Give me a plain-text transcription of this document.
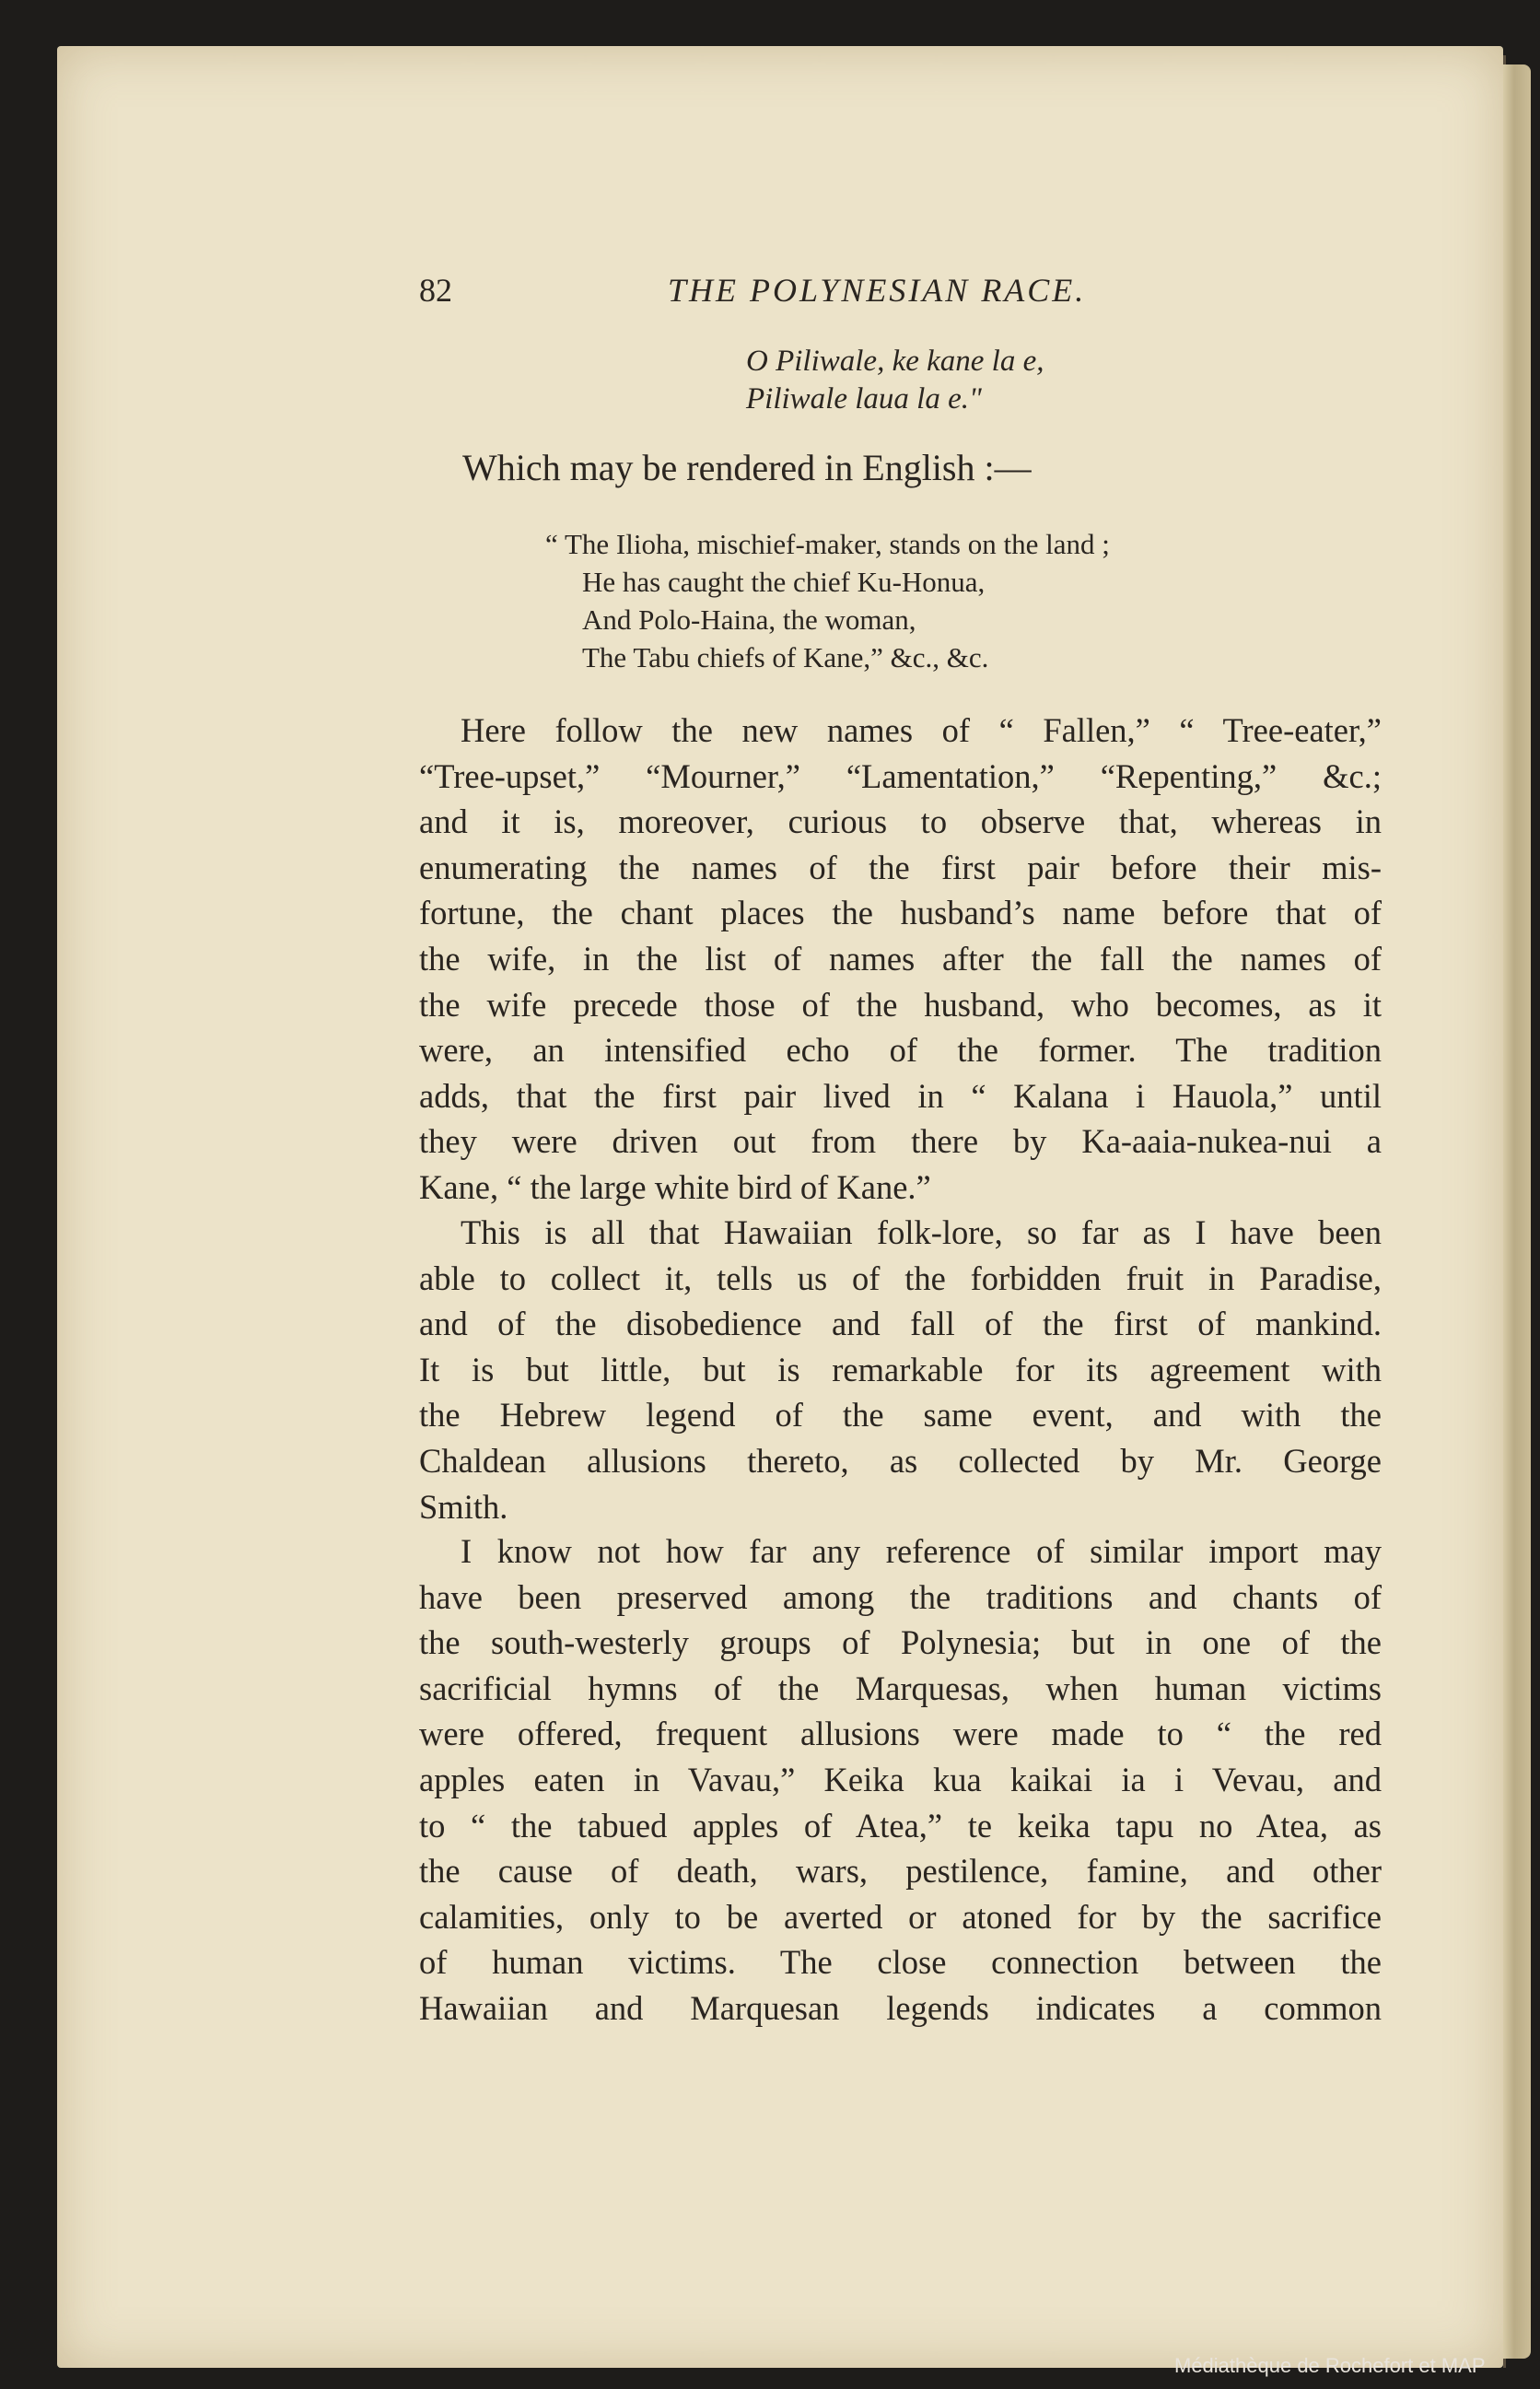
82	THE POLYNESIAN RACE.
O Piliwale, ke kane la e,
Piliwale laua la e."
Which may be rendered in English :—
“ The Ilioha, mischief-maker, stands on the land ;
He has caught the chief Ku-Honua,
And Polo-Haina, the woman,
The Tabu chiefs of Kane,” &c., &c.
Here follow the new names of “ Fallen,” “ Tree-eater,”
“Tree-upset,” “Mourner,” “Lamentation,” “Repenting,” &c.;
and it is, moreover, curious to observe that, whereas in
enumerating the names of the first pair before their mis-
fortune, the chant places the husband’s name before that of
the wife, in the list of names after the fall the names of
the wife precede those of the husband, who becomes, as it
were, an intensified echo of the former. The tradition
adds, that the first pair lived in “ Kalana i Hauola,” until
they were driven out from there by Ka-aaia-nukea-nui a
Kane, “ the large white bird of Kane.”
This is all that Hawaiian folk-lore, so far as I have been
able to collect it, tells us of the forbidden fruit in Paradise,
and of the disobedience and fall of the first of mankind.
It is but little, but is remarkable for its agreement with
the Hebrew legend of the same event, and with the
Chaldean allusions thereto, as collected by Mr. George
Smith.
I know not how far any reference of similar import may
have been preserved among the traditions and chants of
the south-westerly groups of Polynesia; but in one of the
sacrificial hymns of the Marquesas, when human victims
were offered, frequent allusions were made to “ the red
apples eaten in Vavau,” Keika kua kaikai ia i Vevau, and
to “ the tabued apples of Atea,” te keika tapu no Atea, as
the cause of death, wars, pestilence, famine, and other
calamities, only to be averted or atoned for by the sacrifice
of human victims. The close connection between the
Hawaiian and Marquesan legends indicates a common
Médiathèque de Rochefort et MAP
